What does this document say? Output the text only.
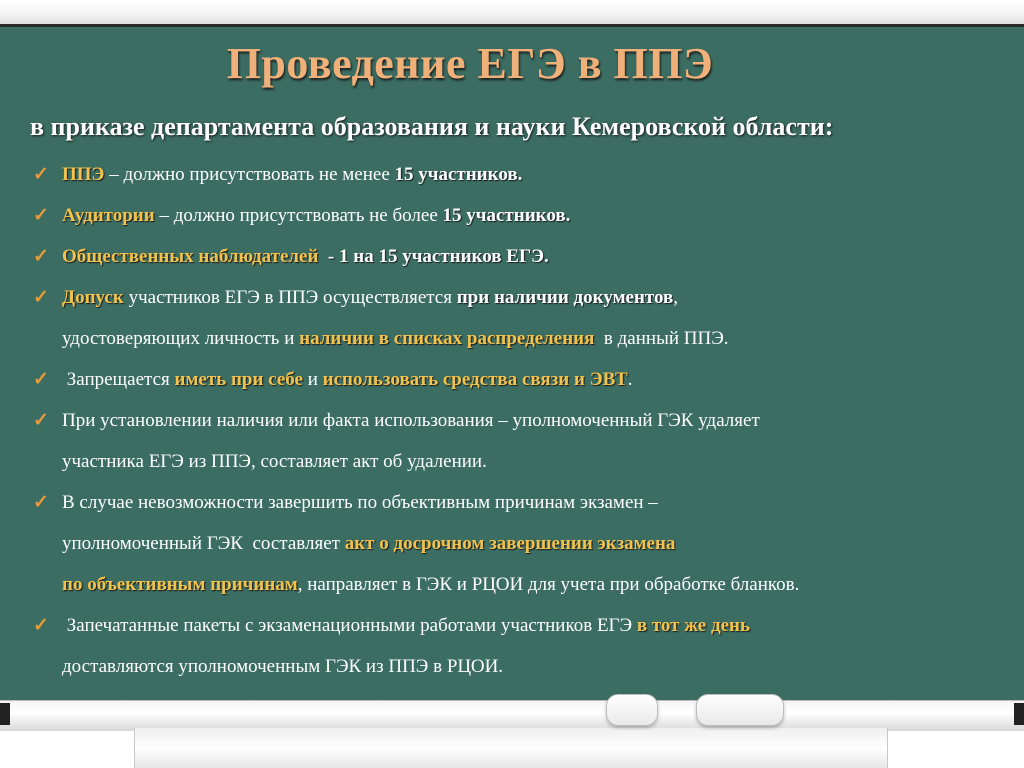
Проведение ЕГЭ в ППЭ
в приказе департамента образования и науки Кемеровской области:
✓ ППЭ – должно присутствовать не менее 15 участников.
✓ Аудитории – должно присутствовать не более 15 участников.
✓ Общественных наблюдателей  - 1 на 15 участников ЕГЭ.
✓ Допуск участников ЕГЭ в ППЭ осуществляется при наличии документов,
удостоверяющих личность и наличии в списках распределения  в данный ППЭ.
✓ Запрещается иметь при себе и использовать средства связи и ЭВТ.
✓ При установлении наличия или факта использования – уполномоченный ГЭК удаляет
участника ЕГЭ из ППЭ, составляет акт об удалении.
✓ В случае невозможности завершить по объективным причинам экзамен –
уполномоченный ГЭК  составляет акт о досрочном завершении экзамена
по объективным причинам, направляет в ГЭК и РЦОИ для учета при обработке бланков.
✓ Запечатанные пакеты с экзаменационными работами участников ЕГЭ в тот же день
доставляются уполномоченным ГЭК из ППЭ в РЦОИ.
